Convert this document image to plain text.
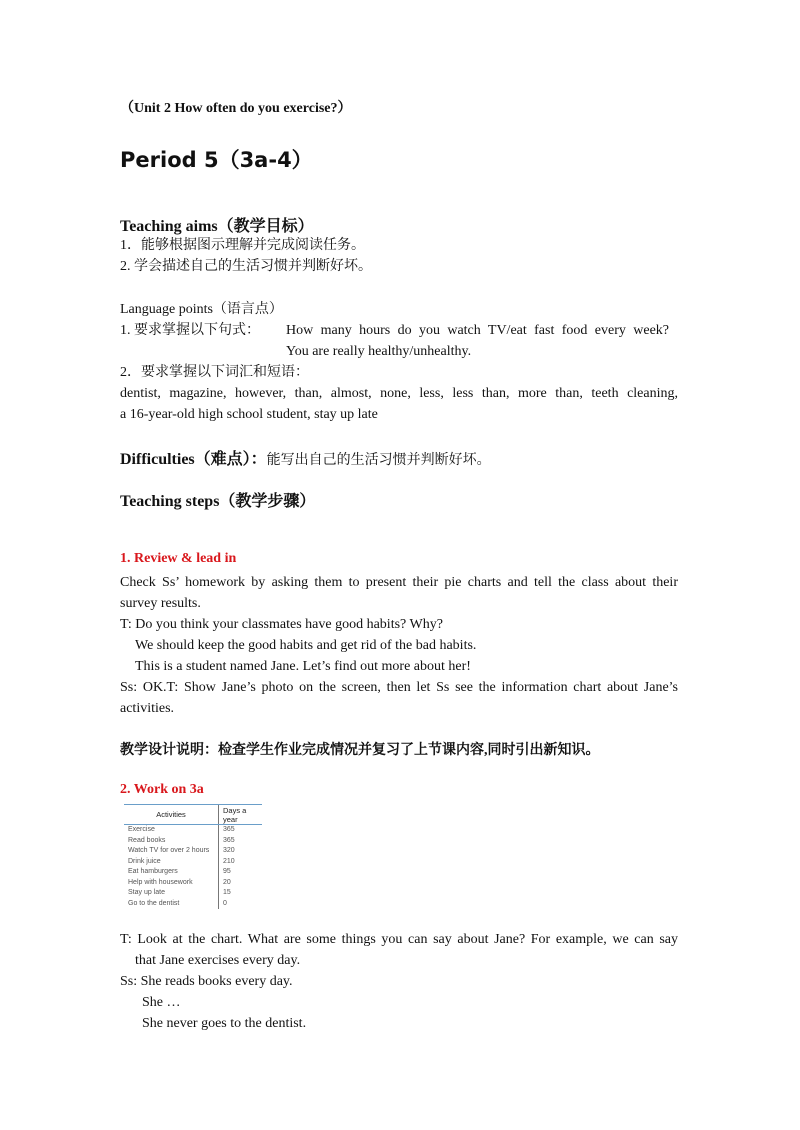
（Unit 2 How often do you exercise?）
Period 5（3a-4）
Teaching aims（教学目标）
1．能够根据图示理解并完成阅读任务。
2. 学会描述自己的生活习惯并判断好坏。
Language points（语言点）
1. 要求掌握以下句式： How many hours do you watch TV/eat fast food every week?
You are really healthy/unhealthy.
2．要求掌握以下词汇和短语：
dentist, magazine, however, than, almost, none, less, less than, more than, teeth cleaning,
a 16-year-old high school student, stay up late
Difficulties（难点）：能写出自己的生活习惯并判断好坏。
Teaching steps（教学步骤）
1. Review & lead in
Check Ss’ homework by asking them to present their pie charts and tell the class about their
survey results.
T: Do you think your classmates have good habits? Why?
We should keep the good habits and get rid of the bad habits.
This is a student named Jane. Let’s find out more about her!
Ss: OK.T: Show Jane’s photo on the screen, then let Ss see the information chart about Jane’s
activities.
教学设计说明：检查学生作业完成情况并复习了上节课内容,同时引出新知识。
2. Work on 3a
Activities	Days a year
Exercise	365
Read books	365
Watch TV for over 2 hours	320
Drink juice	210
Eat hamburgers	95
Help with housework	20
Stay up late	15
Go to the dentist	0
T: Look at the chart. What are some things you can say about Jane? For example, we can say
that Jane exercises every day.
Ss: She reads books every day.
She …
She never goes to the dentist.
